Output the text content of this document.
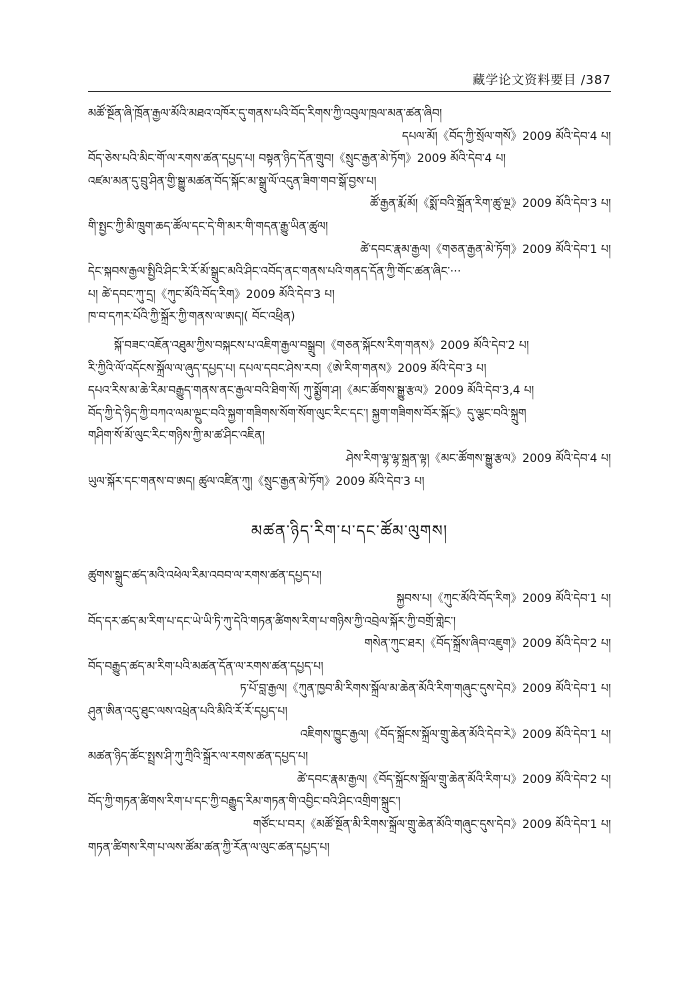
藏学论文资料要目 /387
མཚོ་སྔོན་ཞི་ཁྲོན་རྒྱལ་མོའི་མཐའ་འཁོར་དུ་གནས་པའི་བོད་རིགས་ཀྱི་འབུལ་ཁྲལ་མན་ཚན་ཞིབ།
དཔལ་མོ།《བོད་ཀྱི་སྲོལ་གསོ》2009 མོའི་དེབ་4 པ།
བོད་ཅེས་པའི་མིང་གོ་ལ་རགས་ཚན་དཔྱད་པ། བསྟན་ཉིད་དོན་གྲུབ།《སྲུང་རྒྱན་མེ་ཏོག》2009 མོའི་དེབ་4 པ།
འཛམ་མན་དུ་བྲུ་ཤིན་གྱི་སྒྱུ་མཚན་བོད་སྐོང་མ་སྒྲུ་ལོ་འདུན་ཟིག་གབ་སྒོ་བྱས་པ།
ཚོ་རྒྱན་རྨོ་མོ།《སྨོ་བའི་སྐྲོན་རིག་ཚུ་ལྔ》2009 མོའི་དེབ་3 པ།
གི་སྤྱང་ཀྱི་མི་ཁྲུག་ཆད་ཚོལ་དང་དེ་གི་མར་གི་གདན་རྒྱུ་ཡིན་ཚུལ།
ཚེ་དབང་རྣམ་རྒྱལ།《གཅན་རྒྱན་མེ་ཏོག》2009 མོའི་དེབ་1 པ།
དེང་སྐབས་རྒྱལ་སྤྱིའི་ཤིང་རི་རོ་མོ་སྒྲུང་མའི་ཤིང་འབོད་ནང་གནས་པའི་གནད་དོན་ཀྱི་གོང་ཚན་ཞིང་···
པ། ཚེ་དབང་ཀུ་དྲ།《ཀུང་མོའི་བོད་རིག》2009 མོའི་དེབ་3 པ།
ཁ་བ་དཀར་པོའི་ཀྱི་སྐྲོར་ཀྱི་གནས་ལ་ཨད།( བོང་འཕྲིན)
སྐོ་བཟང་འཇོན་འཐུམ་ཀྱིས་བསྐངས་པ་འཇིག་རྒྱལ་བསྒྲུབ།《གཅན་སྐོངས་རིག་གནས》2009 མོའི་དེབ་2 པ།
རི་ཀྱིའི་ལོ་འདོངས་སྐྲོལ་ལ་ཞུད་དཔྱད་པ། དཔལ་དབང་ཤེས་རབ།《ཨེ་རིག་གནས》2009 མོའི་དེབ་3 པ།
དཔའ་རིས་མ་ཆེ་རིམ་བརྒྱུད་གནས་ནང་རྒྱལ་བའི་ཐིག་སོ། ཀུ་སྨྱོག་ཤ།《མང་ཚོགས་སྒྱུ་རྩལ》2009 མོའི་དེབ་3,4 པ།
བོད་ཀྱི་དེ་ཉིད་ཀྱི་བཀའ་ལམ་ལྔུང་བའི་སྐྱག་གཟིགས་སོག་སོག་ལུང་རིང་དང་། སྐྱག་གཟིགས་བོར་སྐོང》དུ་ལྕང་བའི་སྐྲུག
གཤིག་སོ་མོ་ལུང་རིང་གཉིས་ཀྱི་མ་ཚ་ཤིང་འཇིན།
ཤེས་རིག་ལྷ་ལྷ་སྐྲན་ལྟ།《མང་ཚོགས་སྒྱུ་རྩལ》2009 མོའི་དེབ་4 པ།
ཡུལ་སྐོར་དང་གནས་བ་ཨད། ཚུལ་འཛིན་ཀུ།《སྲུང་རྒྱན་མེ་ཏོག》2009 མོའི་དེབ་3 པ།
མཚན་ཉིད་རིག་པ་དང་ཚོམ་ལུགས།
ཚུགས་སྒྲུང་ཚད་མའི་འཕེལ་རིམ་འབབ་ལ་རགས་ཚན་དཔྱད་པ།
སྐྱབས་པ།《ཀུང་མོའི་བོད་རིག》2009 མོའི་དེབ་1 པ།
བོད་དར་ཚད་མ་རིག་པ་དང་ཡེ་ཡི་ཏི་ཀུ་དེའི་གཏན་ཚིགས་རིག་པ་གཉིས་ཀྱི་འབྲེལ་སྐོར་ཀྱི་བགྲོ་གླེང་།
གསེན་ཀུང་ཐར།《བོད་སྐྲོས་ཞིབ་འཇུག》2009 མོའི་དེབ་2 པ།
བོད་བརྒྱུད་ཚད་མ་རིག་པའི་མཚན་དོན་ལ་རགས་ཚན་དཔྱད་པ།
ཏ་པོ་བླ་རྒྱལ།《ཀུན་ཁྱབ་མི་རིགས་སྐྲོལ་མ་ཆེན་མོའི་རིག་གཞུང་དུས་དེབ》2009 མོའི་དེབ་1 པ།
ཤུན་ཨིན་འདུ་ཐུང་ལས་འཕྲེན་པའི་མིའི་རོ་རོ་དཔྱད་པ།
འཇིགས་ཁྱུང་རྒྱལ།《བོད་སྐྲོངས་སྐྲོལ་གྲུ་ཆེན་མོའི་དེབ་རེ》2009 མོའི་དེབ་1 པ།
མཚན་ཉིད་ཚོང་སྤྲས་ཤི་ཀུ་ཀྲིའི་སྐྲོར་ལ་རགས་ཚན་དཔྱད་པ།
ཚེ་དབང་རྣམ་རྒྱལ།《བོད་སྐྲོངས་སྐྲོལ་གྲུ་ཆེན་མོའི་རིག་པ》2009 མོའི་དེབ་2 པ།
བོད་ཀྱི་གཏན་ཚིགས་རིག་པ་དང་ཀྱི་བརྒྱུད་རིམ་གཏན་གི་འབྱིང་བའི་ཤིང་འགྲིག་སྐྲུང་།
གཙོང་པ་བར།《མཚོ་སྔོན་མི་རིགས་སྐྲོལ་གྲུ་ཆེན་མོའི་གཞུང་དུས་དེབ》2009 མོའི་དེབ་1 པ།
གཏན་ཚིགས་རིག་པ་ལས་ཚོམ་ཚན་ཀྱི་རོན་ལ་ལུང་ཚན་དཔྱད་པ།
